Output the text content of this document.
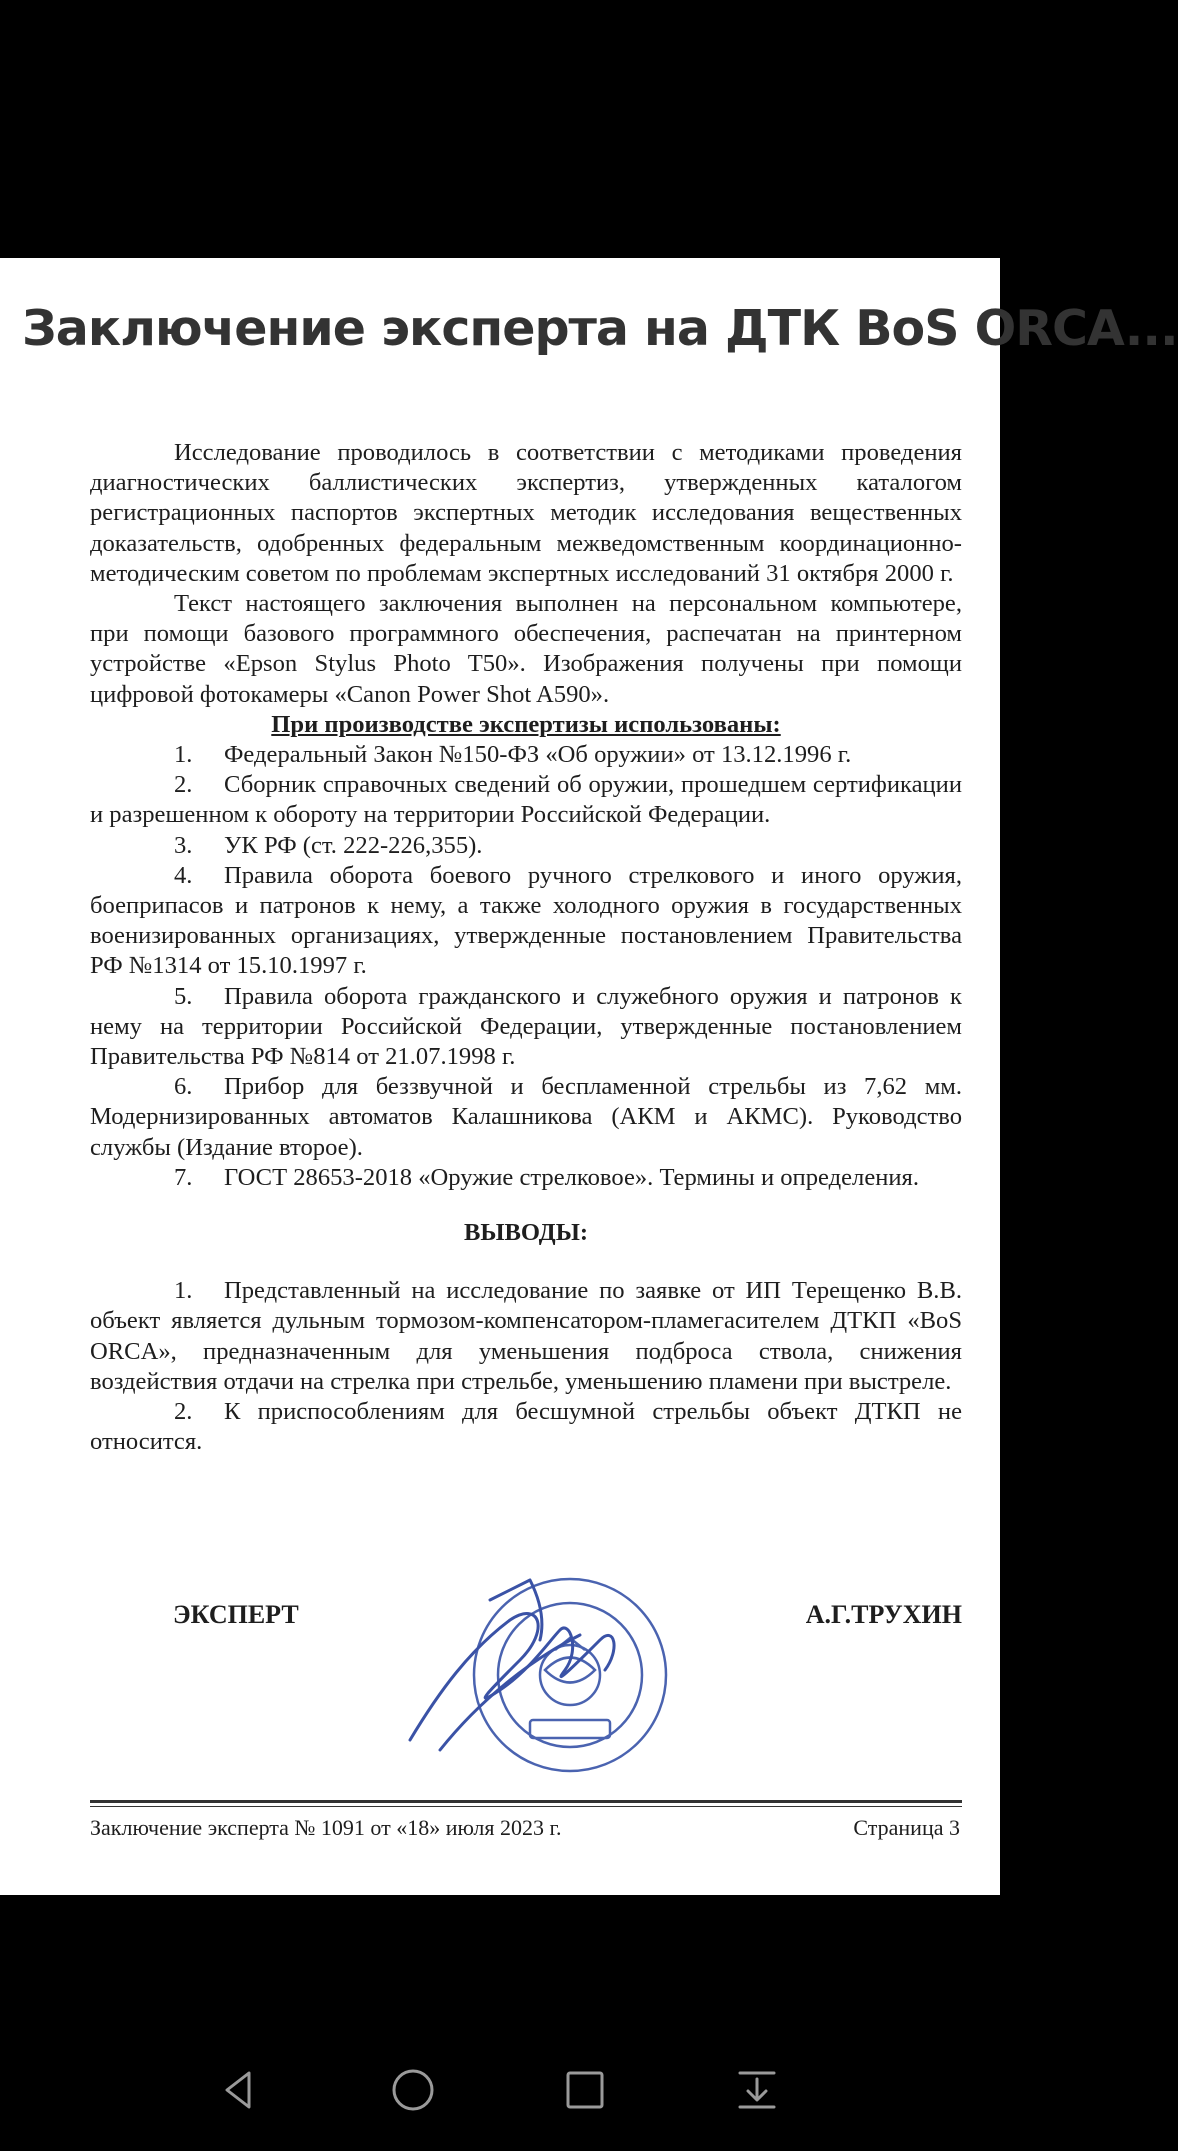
Заключение эксперта на ДТК BoS ORCA...

Исследование проводилось в соответствии с методиками проведения диагностических баллистических экспертиз, утвержденных каталогом регистрационных паспортов экспертных методик исследования вещественных доказательств, одобренных федеральным межведомственным координационно-методическим советом по проблемам экспертных исследований 31 октября 2000 г.

Текст настоящего заключения выполнен на персональном компьютере, при помощи базового программного обеспечения, распечатан на принтерном устройстве «Epson Stylus Photo T50». Изображения получены при помощи цифровой фотокамеры «Canon Power Shot A590».

При производстве экспертизы использованы:

1. Федеральный Закон №150-ФЗ «Об оружии» от 13.12.1996 г.

2. Сборник справочных сведений об оружии, прошедшем сертификации и разрешенном к обороту на территории Российской Федерации.

3. УК РФ (ст. 222-226,355).

4. Правила оборота боевого ручного стрелкового и иного оружия, боеприпасов и патронов к нему, а также холодного оружия в государственных военизированных организациях, утвержденные постановлением Правительства РФ №1314 от 15.10.1997 г.

5. Правила оборота гражданского и служебного оружия и патронов к нему на территории Российской Федерации, утвержденные постановлением Правительства РФ №814 от 21.07.1998 г.

6. Прибор для беззвучной и беспламенной стрельбы из 7,62 мм. Модернизированных автоматов Калашникова (АКМ и АКМС). Руководство службы (Издание второе).

7. ГОСТ 28653-2018 «Оружие стрелковое». Термины и определения.

ВЫВОДЫ:

1. Представленный на исследование по заявке от ИП Терещенко В.В. объект является дульным тормозом-компенсатором-пламегасителем ДТКП «BoS ORCA», предназначенным для уменьшения подброса ствола, снижения воздействия отдачи на стрелка при стрельбе, уменьшению пламени при выстреле.

2. К приспособлениям для бесшумной стрельбы объект ДТКП не относится.

ЭКСПЕРТ	А.Г.ТРУХИН
Заключение эксперта № 1091 от «18» июля 2023 г.	Страница 3
